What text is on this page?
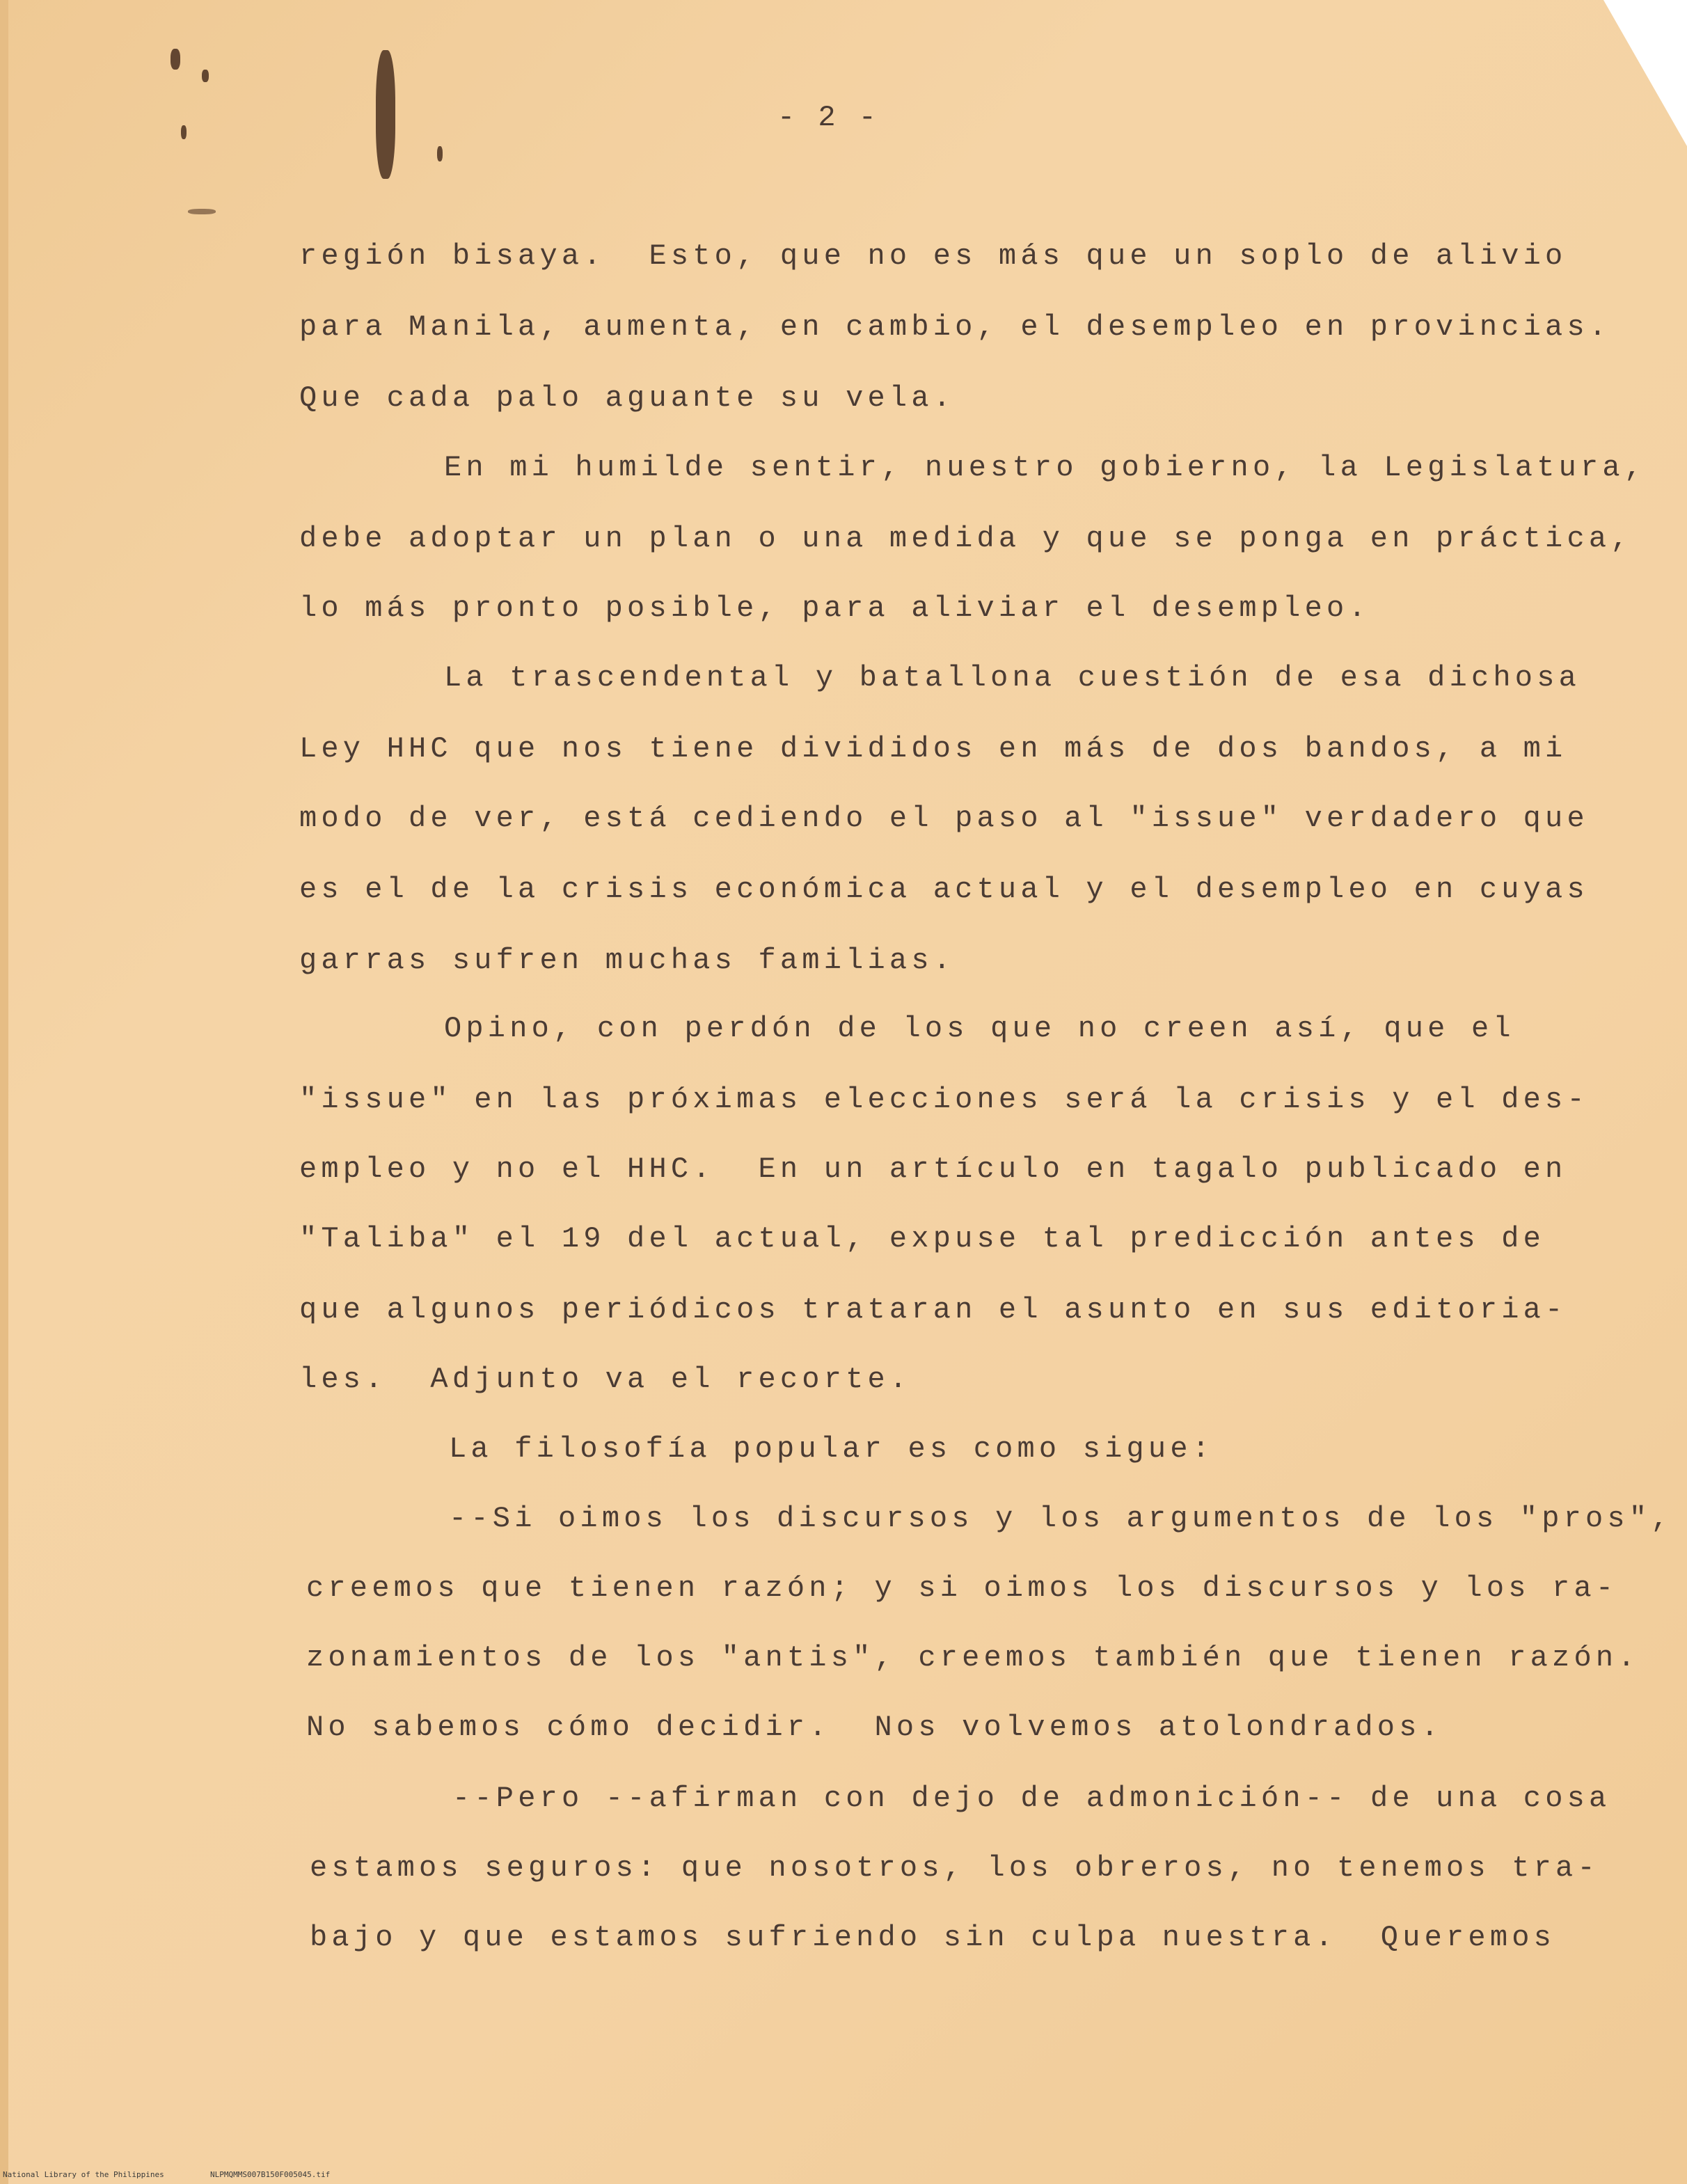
- 2 -
región bisaya.  Esto, que no es más que un soplo de alivio
para Manila, aumenta, en cambio, el desempleo en provincias.
Que cada palo aguante su vela.
En mi humilde sentir, nuestro gobierno, la Legislatura,
debe adoptar un plan o una medida y que se ponga en práctica,
lo más pronto posible, para aliviar el desempleo.
La trascendental y batallona cuestión de esa dichosa
Ley HHC que nos tiene divididos en más de dos bandos, a mi
modo de ver, está cediendo el paso al "issue" verdadero que
es el de la crisis económica actual y el desempleo en cuyas
garras sufren muchas familias.
Opino, con perdón de los que no creen así, que el
"issue" en las próximas elecciones será la crisis y el des-
empleo y no el HHC.  En un artículo en tagalo publicado en
"Taliba" el 19 del actual, expuse tal predicción antes de
que algunos periódicos trataran el asunto en sus editoria-
les.  Adjunto va el recorte.
La filosofía popular es como sigue:
--Si oimos los discursos y los argumentos de los "pros",
creemos que tienen razón; y si oimos los discursos y los ra-
zonamientos de los "antis", creemos también que tienen razón.
No sabemos cómo decidir.  Nos volvemos atolondrados.
--Pero --afirman con dejo de admonición-- de una cosa
estamos seguros: que nosotros, los obreros, no tenemos tra-
bajo y que estamos sufriendo sin culpa nuestra.  Queremos
National Library of the Philippines	NLPMQMMS007B150F005045.tif
